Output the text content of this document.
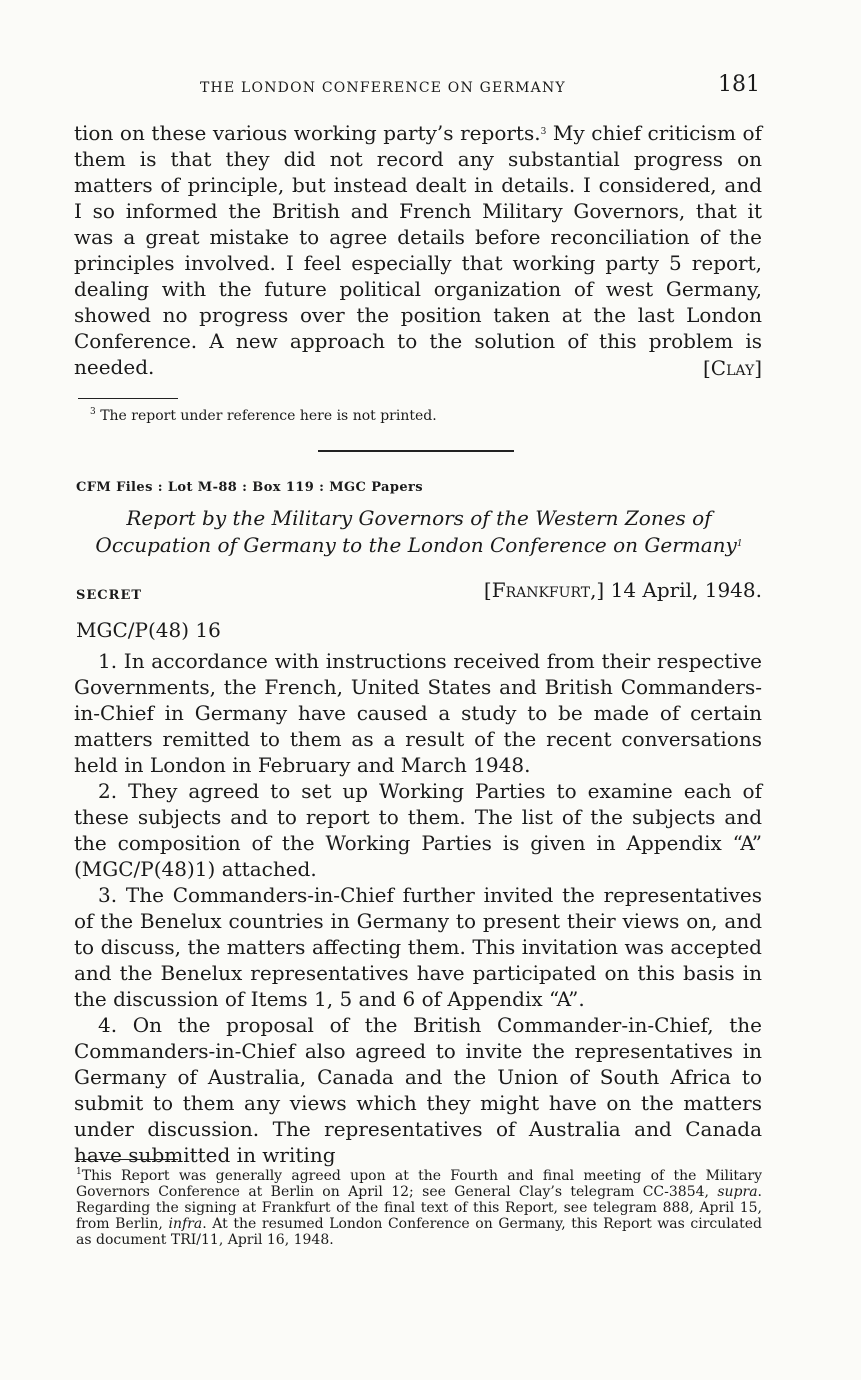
THE LONDON CONFERENCE ON GERMANY	181

tion on these various working party’s reports.$^3$ My chief criticism of them is that they did not record any substantial progress on matters of principle, but instead dealt in details. I considered, and I so informed the British and French Military Governors, that it was a great mistake to agree details before reconciliation of the principles involved. I feel especially that working party 5 report, dealing with the future political organization of west Germany, showed no progress over the position taken at the last London Conference. A new approach to the solution of this problem is needed.	[Clay]

$^3$ The report under reference here is not printed.

CFM Files : Lot M-88 : Box 119 : MGC Papers

Report by the Military Governors of the Western Zones of Occupation of Germany to the London Conference on Germany$^1$

SECRET	[Frankfurt,] 14 April, 1948.
MGC/P(48) 16

1. In accordance with instructions received from their respective Governments, the French, United States and British Commanders-in-Chief in Germany have caused a study to be made of certain matters remitted to them as a result of the recent conversations held in London in February and March 1948.

2. They agreed to set up Working Parties to examine each of these subjects and to report to them. The list of the subjects and the composition of the Working Parties is given in Appendix “A” (MGC/P(48)1) attached.

3. The Commanders-in-Chief further invited the representatives of the Benelux countries in Germany to present their views on, and to discuss, the matters affecting them. This invitation was accepted and the Benelux representatives have participated on this basis in the discussion of Items 1, 5 and 6 of Appendix “A”.

4. On the proposal of the British Commander-in-Chief, the Commanders-in-Chief also agreed to invite the representatives in Germany of Australia, Canada and the Union of South Africa to submit to them any views which they might have on the matters under discussion. The representatives of Australia and Canada have submitted in writing

$^1$This Report was generally agreed upon at the Fourth and final meeting of the Military Governors Conference at Berlin on April 12; see General Clay’s telegram CC-3854, supra. Regarding the signing at Frankfurt of the final text of this Report, see telegram 888, April 15, from Berlin, infra. At the resumed London Conference on Germany, this Report was circulated as document TRI/11, April 16, 1948.
